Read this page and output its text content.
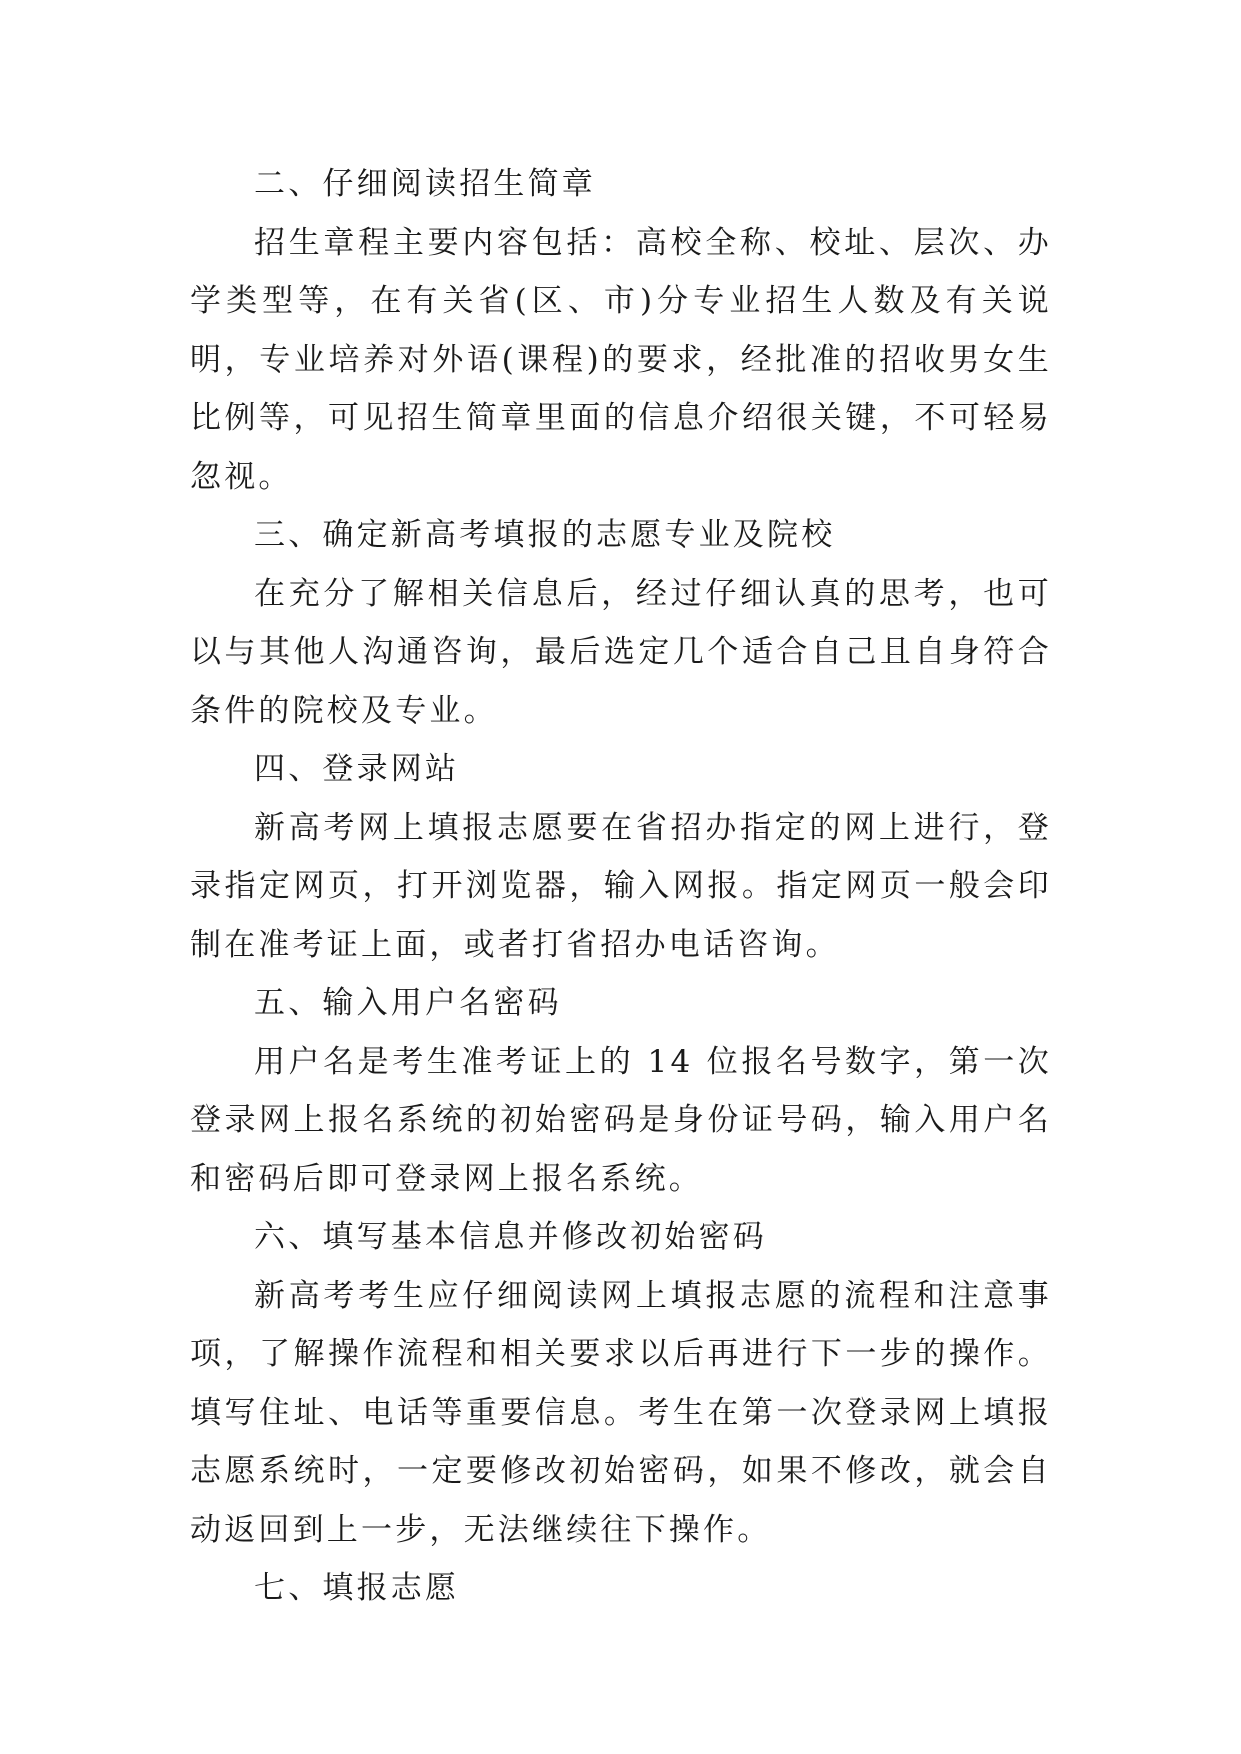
二、仔细阅读招生简章

招生章程主要内容包括：高校全称、校址、层次、办学类型等，在有关省(区、市)分专业招生人数及有关说明，专业培养对外语(课程)的要求，经批准的招收男女生比例等，可见招生简章里面的信息介绍很关键，不可轻易忽视。

三、确定新高考填报的志愿专业及院校

在充分了解相关信息后，经过仔细认真的思考，也可以与其他人沟通咨询，最后选定几个适合自己且自身符合条件的院校及专业。

四、登录网站

新高考网上填报志愿要在省招办指定的网上进行，登录指定网页，打开浏览器，输入网报。指定网页一般会印制在准考证上面，或者打省招办电话咨询。

五、输入用户名密码

用户名是考生准考证上的 14 位报名号数字，第一次登录网上报名系统的初始密码是身份证号码，输入用户名和密码后即可登录网上报名系统。

六、填写基本信息并修改初始密码

新高考考生应仔细阅读网上填报志愿的流程和注意事项，了解操作流程和相关要求以后再进行下一步的操作。填写住址、电话等重要信息。考生在第一次登录网上填报志愿系统时，一定要修改初始密码，如果不修改，就会自动返回到上一步，无法继续往下操作。

七、填报志愿
